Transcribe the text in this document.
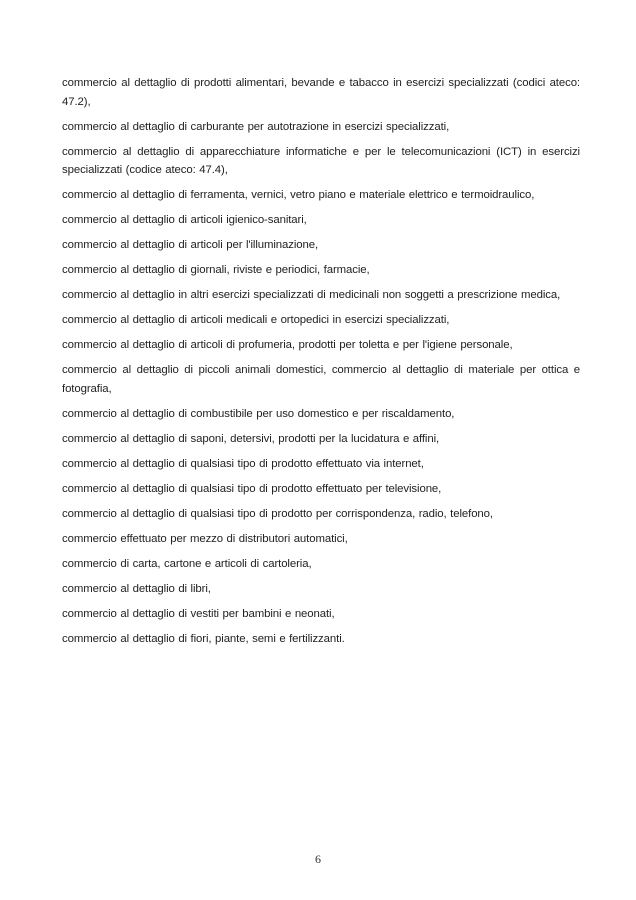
commercio al dettaglio di prodotti alimentari, bevande e tabacco in esercizi specializzati (codici ateco: 47.2),

commercio al dettaglio di carburante per autotrazione in esercizi specializzati,

commercio al dettaglio di apparecchiature informatiche e per le telecomunicazioni (ICT) in esercizi specializzati (codice ateco: 47.4),

commercio al dettaglio di ferramenta, vernici, vetro piano e materiale elettrico e termoidraulico,

commercio al dettaglio di articoli igienico-sanitari,

commercio al dettaglio di articoli per l'illuminazione,

commercio al dettaglio di giornali, riviste e periodici, farmacie,

commercio al dettaglio in altri esercizi specializzati di medicinali non soggetti a prescrizione medica,

commercio al dettaglio di articoli medicali e ortopedici in esercizi specializzati,

commercio al dettaglio di articoli di profumeria, prodotti per toletta e per l'igiene personale,

commercio al dettaglio di piccoli animali domestici, commercio al dettaglio di materiale per ottica e fotografia,

commercio al dettaglio di combustibile per uso domestico e per riscaldamento,

commercio al dettaglio di saponi, detersivi, prodotti per la lucidatura e affini,

commercio al dettaglio di qualsiasi tipo di prodotto effettuato via internet,

commercio al dettaglio di qualsiasi tipo di prodotto effettuato per televisione,

commercio al dettaglio di qualsiasi tipo di prodotto per corrispondenza, radio, telefono,

commercio effettuato per mezzo di distributori automatici,

commercio di carta, cartone e articoli di cartoleria,

commercio al dettaglio di libri,

commercio al dettaglio di vestiti per bambini e neonati,

commercio al dettaglio di fiori, piante, semi e fertilizzanti.

6
